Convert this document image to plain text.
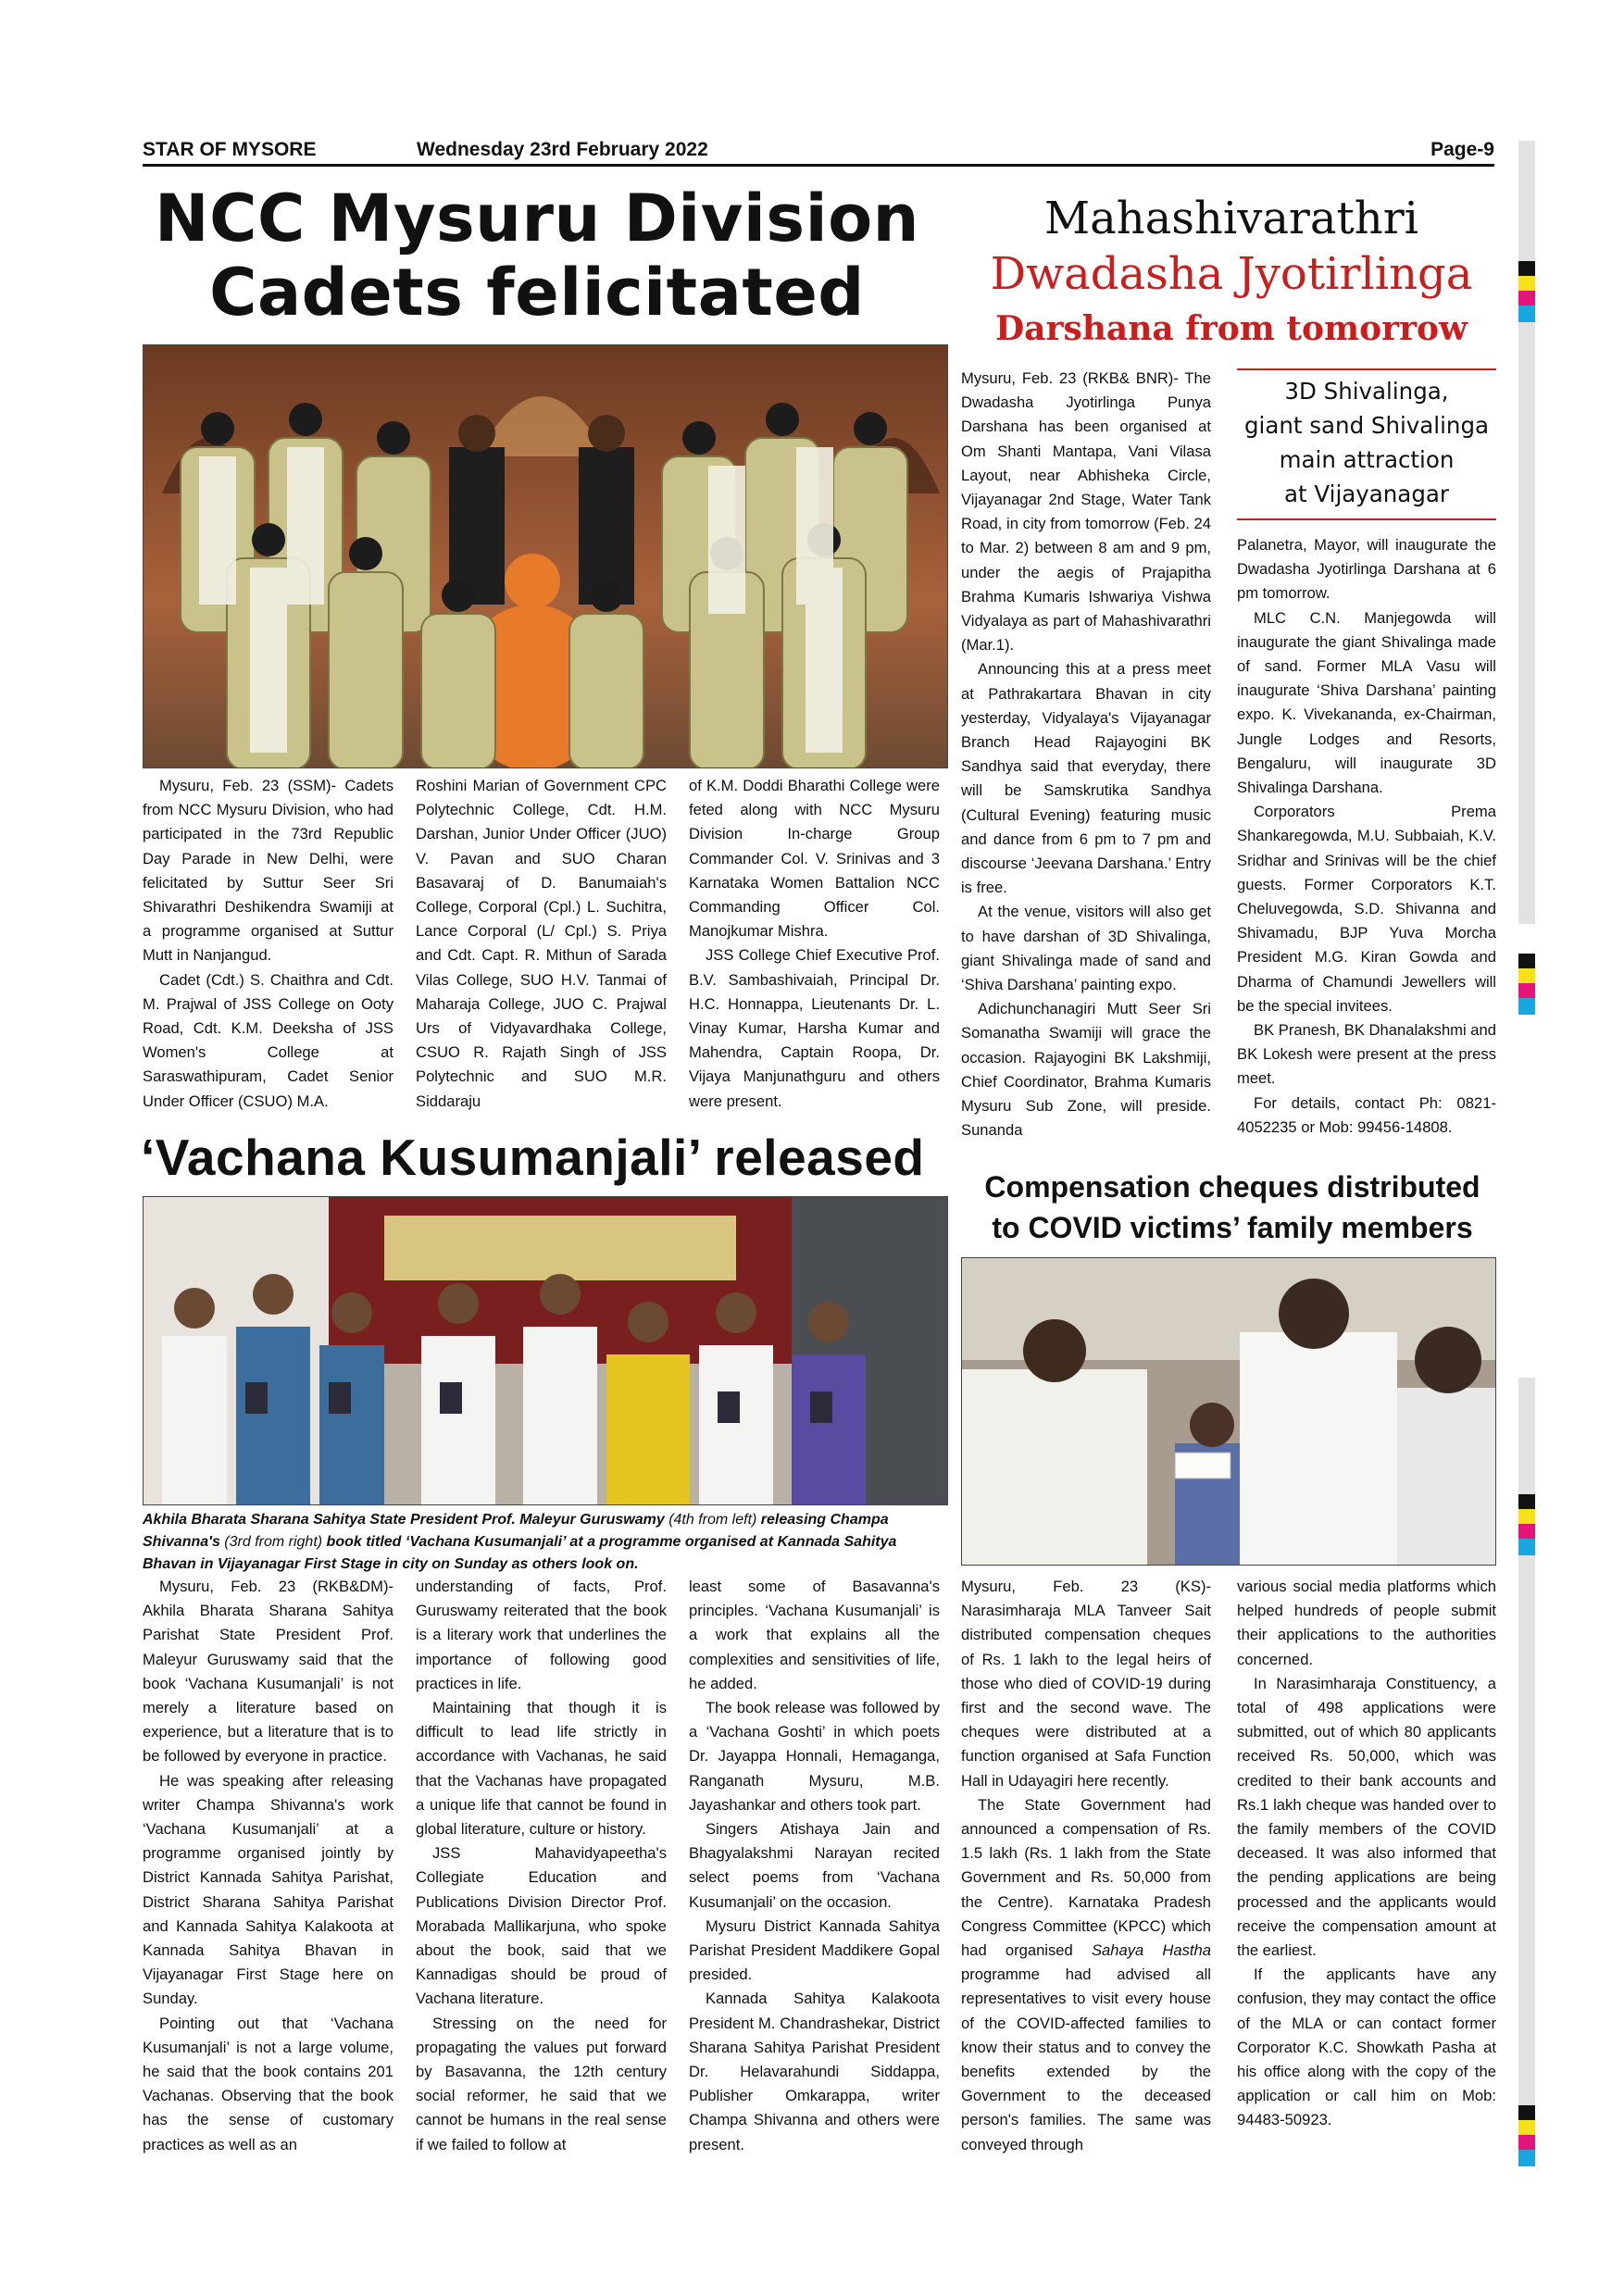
STAR OF MYSORE	Wednesday 23rd February 2022	Page-9
NCC Mysuru Division
Cadets felicitated

Mysuru, Feb. 23 (SSM)- Cadets from NCC Mysuru Division, who had participated in the 73rd Republic Day Parade in New Delhi, were felicitated by Suttur Seer Sri Shivarathri Deshikendra Swamiji at a programme organised at Suttur Mutt in Nanjangud.

Cadet (Cdt.) S. Chaithra and Cdt. M. Prajwal of JSS College on Ooty Road, Cdt. K.M. Deeksha of JSS Women's College at Saraswathipuram, Cadet Senior Under Officer (CSUO) M.A.

Roshini Marian of Government CPC Polytechnic College, Cdt. H.M. Darshan, Junior Under Officer (JUO) V. Pavan and SUO Charan Basavaraj of D. Banumaiah's College, Corporal (Cpl.) L. Suchitra, Lance Corporal (L/ Cpl.) S. Priya and Cdt. Capt. R. Mithun of Sarada Vilas College, SUO H.V. Tanmai of Maharaja College, JUO C. Prajwal Urs of Vidyavardhaka College, CSUO R. Rajath Singh of JSS Polytechnic and SUO M.R. Siddaraju

of K.M. Doddi Bharathi College were feted along with NCC Mysuru Division In-charge Group Commander Col. V. Srinivas and 3 Karnataka Women Battalion NCC Commanding Officer Col. Manojkumar Mishra.

JSS College Chief Executive Prof. B.V. Sambashivaiah, Principal Dr. H.C. Honnappa, Lieutenants Dr. L. Vinay Kumar, Harsha Kumar and Mahendra, Captain Roopa, Dr. Vijaya Manjunathguru and others were present.

‘Vachana Kusumanjali’ released
Akhila Bharata Sharana Sahitya State President Prof. Maleyur Guruswamy (4th from left) releasing Champa Shivanna's (3rd from right) book titled ‘Vachana Kusumanjali’ at a programme organised at Kannada Sahitya Bhavan in Vijayanagar First Stage in city on Sunday as others look on.

Mysuru, Feb. 23 (RKB&DM)- Akhila Bharata Sharana Sahitya Parishat State President Prof. Maleyur Guruswamy said that the book ‘Vachana Kusumanjali’ is not merely a literature based on experience, but a literature that is to be followed by everyone in practice.

He was speaking after releasing writer Champa Shivanna's work ‘Vachana Kusumanjali’ at a programme organised jointly by District Kannada Sahitya Parishat, District Sharana Sahitya Parishat and Kannada Sahitya Kalakoota at Kannada Sahitya Bhavan in Vijayanagar First Stage here on Sunday.

Pointing out that ‘Vachana Kusumanjali’ is not a large volume, he said that the book contains 201 Vachanas. Observing that the book has the sense of customary practices as well as an

understanding of facts, Prof. Guruswamy reiterated that the book is a literary work that underlines the importance of following good practices in life.

Maintaining that though it is difficult to lead life strictly in accordance with Vachanas, he said that the Vachanas have propagated a unique life that cannot be found in global literature, culture or history.

JSS Mahavidyapeetha's Collegiate Education and Publications Division Director Prof. Morabada Mallikarjuna, who spoke about the book, said that we Kannadigas should be proud of Vachana literature.

Stressing on the need for propagating the values put forward by Basavanna, the 12th century social reformer, he said that we cannot be humans in the real sense if we failed to follow at

least some of Basavanna's principles. ‘Vachana Kusumanjali’ is a work that explains all the complexities and sensitivities of life, he added.

The book release was followed by a ‘Vachana Goshti’ in which poets Dr. Jayappa Honnali, Hemaganga, Ranganath Mysuru, M.B. Jayashankar and others took part.

Singers Atishaya Jain and Bhagyalakshmi Narayan recited select poems from ‘Vachana Kusumanjali’ on the occasion.

Mysuru District Kannada Sahitya Parishat President Maddikere Gopal presided.

Kannada Sahitya Kalakoota President M. Chandrashekar, District Sharana Sahitya Parishat President Dr. Helavarahundi Siddappa, Publisher Omkarappa, writer Champa Shivanna and others were present.

Mahashivarathri
Dwadasha Jyotirlinga
Darshana from tomorrow
3D Shivalinga,
giant sand Shivalinga
main attraction
at Vijayanagar

Mysuru, Feb. 23 (RKB& BNR)- The Dwadasha Jyotirlinga Punya Darshana has been organised at Om Shanti Mantapa, Vani Vilasa Layout, near Abhisheka Circle, Vijayanagar 2nd Stage, Water Tank Road, in city from tomorrow (Feb. 24 to Mar. 2) between 8 am and 9 pm, under the aegis of Prajapitha Brahma Kumaris Ishwariya Vishwa Vidyalaya as part of Mahashivarathri (Mar.1).

Announcing this at a press meet at Pathrakartara Bhavan in city yesterday, Vidyalaya's Vijayanagar Branch Head Rajayogini BK Sandhya said that everyday, there will be Samskrutika Sandhya (Cultural Evening) featuring music and dance from 6 pm to 7 pm and discourse ‘Jeevana Darshana.’ Entry is free.

At the venue, visitors will also get to have darshan of 3D Shivalinga, giant Shivalinga made of sand and ‘Shiva Darshana’ painting expo.

Adichunchanagiri Mutt Seer Sri Somanatha Swamiji will grace the occasion. Rajayogini BK Lakshmiji, Chief Coordinator, Brahma Kumaris Mysuru Sub Zone, will preside. Sunanda

Palanetra, Mayor, will inaugurate the Dwadasha Jyotirlinga Darshana at 6 pm tomorrow.

MLC C.N. Manjegowda will inaugurate the giant Shivalinga made of sand. Former MLA Vasu will inaugurate ‘Shiva Darshana’ painting expo. K. Vivekananda, ex-Chairman, Jungle Lodges and Resorts, Bengaluru, will inaugurate 3D Shivalinga Darshana.

Corporators Prema Shankaregowda, M.U. Subbaiah, K.V. Sridhar and Srinivas will be the chief guests. Former Corporators K.T. Cheluvegowda, S.D. Shivanna and Shivamadu, BJP Yuva Morcha President M.G. Kiran Gowda and Dharma of Chamundi Jewellers will be the special invitees.

BK Pranesh, BK Dhanalakshmi and BK Lokesh were present at the press meet.

For details, contact Ph: 0821-4052235 or Mob: 99456-14808.

Compensation cheques distributed
to COVID victims’ family members

Mysuru, Feb. 23 (KS)- Narasimharaja MLA Tanveer Sait distributed compensation cheques of Rs. 1 lakh to the legal heirs of those who died of COVID-19 during first and the second wave. The cheques were distributed at a function organised at Safa Function Hall in Udayagiri here recently.

The State Government had announced a compensation of Rs. 1.5 lakh (Rs. 1 lakh from the State Government and Rs. 50,000 from the Centre). Karnataka Pradesh Congress Committee (KPCC) which had organised Sahaya Hastha programme had advised all representatives to visit every house of the COVID-affected families to know their status and to convey the benefits extended by the Government to the deceased person's families. The same was conveyed through

various social media platforms which helped hundreds of people submit their applications to the authorities concerned.

In Narasimharaja Constituency, a total of 498 applications were submitted, out of which 80 applicants received Rs. 50,000, which was credited to their bank accounts and Rs.1 lakh cheque was handed over to the family members of the COVID deceased. It was also informed that the pending applications are being processed and the applicants would receive the compensation amount at the earliest.

If the applicants have any confusion, they may contact the office of the MLA or can contact former Corporator K.C. Showkath Pasha at his office along with the copy of the application or call him on Mob: 94483-50923.
